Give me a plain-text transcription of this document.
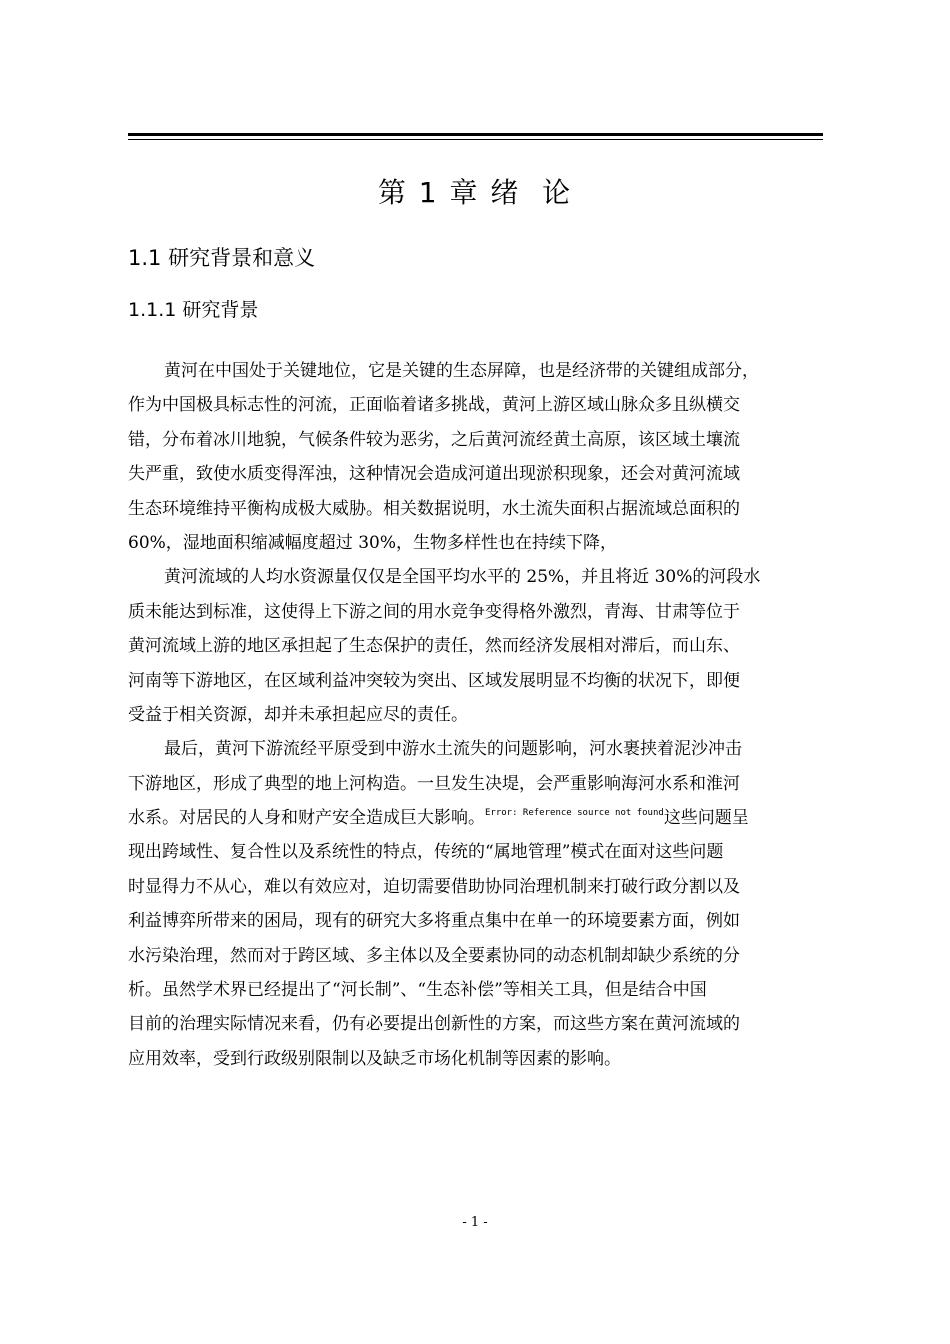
第 1 章 绪  论
1.1 研究背景和意义
1.1.1 研究背景
黄河在中国处于关键地位，它是关键的生态屏障，也是经济带的关键组成部分，
作为中国极具标志性的河流，正面临着诸多挑战，黄河上游区域山脉众多且纵横交
错，分布着冰川地貌，气候条件较为恶劣，之后黄河流经黄土高原，该区域土壤流
失严重，致使水质变得浑浊，这种情况会造成河道出现淤积现象，还会对黄河流域
生态环境维持平衡构成极大威胁。相关数据说明，水土流失面积占据流域总面积的
60%，湿地面积缩减幅度超过 30%，生物多样性也在持续下降，
黄河流域的人均水资源量仅仅是全国平均水平的 25%，并且将近 30%的河段水
质未能达到标准，这使得上下游之间的用水竞争变得格外激烈，青海、甘肃等位于
黄河流域上游的地区承担起了生态保护的责任，然而经济发展相对滞后，而山东、
河南等下游地区，在区域利益冲突较为突出、区域发展明显不均衡的状况下，即便
受益于相关资源，却并未承担起应尽的责任。
最后，黄河下游流经平原受到中游水土流失的问题影响，河水裹挟着泥沙冲击
下游地区，形成了典型的地上河构造。一旦发生决堤，会严重影响海河水系和淮河
水系。对居民的人身和财产安全造成巨大影响。$^{Error: Reference source not found}$这些问题呈
现出跨域性、复合性以及系统性的特点，传统的“属地管理”模式在面对这些问题
时显得力不从心，难以有效应对，迫切需要借助协同治理机制来打破行政分割以及
利益博弈所带来的困局，现有的研究大多将重点集中在单一的环境要素方面，例如
水污染治理，然而对于跨区域、多主体以及全要素协同的动态机制却缺少系统的分
析。虽然学术界已经提出了“河长制”、“生态补偿”等相关工具，但是结合中国
目前的治理实际情况来看，仍有必要提出创新性的方案，而这些方案在黄河流域的
应用效率，受到行政级别限制以及缺乏市场化机制等因素的影响。
- 1 -
